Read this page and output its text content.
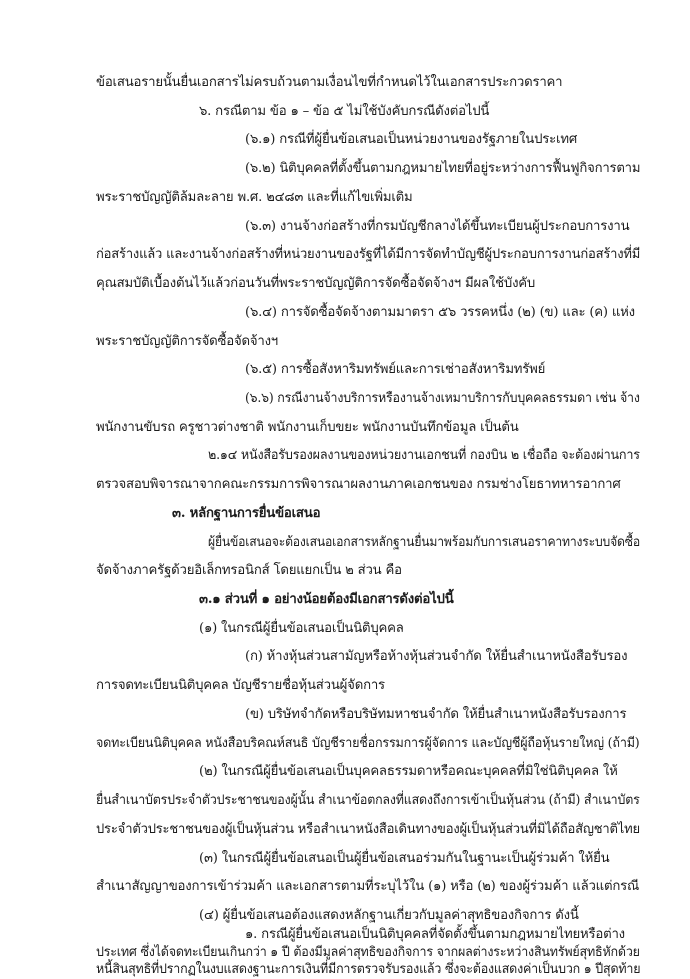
ข้อเสนอรายนั้นยื่นเอกสารไม่ครบถ้วนตามเงื่อนไขที่กำหนดไว้ในเอกสารประกวดราคา
๖. กรณีตาม ข้อ ๑ – ข้อ ๕ ไม่ใช้บังคับกรณีดังต่อไปนี้
(๖.๑) กรณีที่ผู้ยื่นข้อเสนอเป็นหน่วยงานของรัฐภายในประเทศ
(๖.๒) นิติบุคคลที่ตั้งขึ้นตามกฎหมายไทยที่อยู่ระหว่างการฟื้นฟูกิจการตาม
พระราชบัญญัติล้มละลาย พ.ศ. ๒๔๘๓ และที่แก้ไขเพิ่มเติม
(๖.๓) งานจ้างก่อสร้างที่กรมบัญชีกลางได้ขึ้นทะเบียนผู้ประกอบการงาน
ก่อสร้างแล้ว และงานจ้างก่อสร้างที่หน่วยงานของรัฐที่ได้มีการจัดทำบัญชีผู้ประกอบการงานก่อสร้างที่มี
คุณสมบัติเบื้องต้นไว้แล้วก่อนวันที่พระราชบัญญัติการจัดซื้อจัดจ้างฯ มีผลใช้บังคับ
(๖.๔) การจัดซื้อจัดจ้างตามมาตรา ๕๖ วรรคหนึ่ง (๒) (ข) และ (ค) แห่ง
พระราชบัญญัติการจัดซื้อจัดจ้างฯ
(๖.๕) การซื้อสังหาริมทรัพย์และการเช่าอสังหาริมทรัพย์
(๖.๖) กรณีงานจ้างบริการหรืองานจ้างเหมาบริการกับบุคคลธรรมดา เช่น จ้าง
พนักงานขับรถ ครูชาวต่างชาติ พนักงานเก็บขยะ พนักงานบันทึกข้อมูล เป็นต้น
๒.๑๔ หนังสือรับรองผลงานของหน่วยงานเอกชนที่ กองบิน ๒ เชื่อถือ จะต้องผ่านการ
ตรวจสอบพิจารณาจากคณะกรรมการพิจารณาผลงานภาคเอกชนของ กรมช่างโยธาทหารอากาศ
๓. หลักฐานการยื่นข้อเสนอ
ผู้ยื่นข้อเสนอจะต้องเสนอเอกสารหลักฐานยื่นมาพร้อมกับการเสนอราคาทางระบบจัดซื้อ
จัดจ้างภาครัฐด้วยอิเล็กทรอนิกส์ โดยแยกเป็น ๒ ส่วน คือ
๓.๑ ส่วนที่ ๑ อย่างน้อยต้องมีเอกสารดังต่อไปนี้
(๑) ในกรณีผู้ยื่นข้อเสนอเป็นนิติบุคคล
(ก) ห้างหุ้นส่วนสามัญหรือห้างหุ้นส่วนจำกัด ให้ยื่นสำเนาหนังสือรับรอง
การจดทะเบียนนิติบุคคล บัญชีรายชื่อหุ้นส่วนผู้จัดการ
(ข) บริษัทจำกัดหรือบริษัทมหาชนจำกัด ให้ยื่นสำเนาหนังสือรับรองการ
จดทะเบียนนิติบุคคล หนังสือบริคณห์สนธิ บัญชีรายชื่อกรรมการผู้จัดการ และบัญชีผู้ถือหุ้นรายใหญ่ (ถ้ามี)
(๒) ในกรณีผู้ยื่นข้อเสนอเป็นบุคคลธรรมดาหรือคณะบุคคลที่มิใช่นิติบุคคล ให้
ยื่นสำเนาบัตรประจำตัวประชาชนของผู้นั้น สำเนาข้อตกลงที่แสดงถึงการเข้าเป็นหุ้นส่วน (ถ้ามี) สำเนาบัตร
ประจำตัวประชาชนของผู้เป็นหุ้นส่วน หรือสำเนาหนังสือเดินทางของผู้เป็นหุ้นส่วนที่มิได้ถือสัญชาติไทย
(๓) ในกรณีผู้ยื่นข้อเสนอเป็นผู้ยื่นข้อเสนอร่วมกันในฐานะเป็นผู้ร่วมค้า ให้ยื่น
สำเนาสัญญาของการเข้าร่วมค้า และเอกสารตามที่ระบุไว้ใน (๑) หรือ (๒) ของผู้ร่วมค้า แล้วแต่กรณี
(๔) ผู้ยื่นข้อเสนอต้องแสดงหลักฐานเกี่ยวกับมูลค่าสุทธิของกิจการ ดังนี้
๑. กรณีผู้ยื่นข้อเสนอเป็นนิติบุคคลที่จัดตั้งขึ้นตามกฎหมายไทยหรือต่าง
ประเทศ ซึ่งได้จดทะเบียนเกินกว่า ๑ ปี ต้องมีมูลค่าสุทธิของกิจการ จากผลต่างระหว่างสินทรัพย์สุทธิหักด้วย
หนี้สินสุทธิที่ปรากฏในงบแสดงฐานะการเงินที่มีการตรวจรับรองแล้ว ซึ่งจะต้องแสดงค่าเป็นบวก ๑ ปีสุดท้าย
